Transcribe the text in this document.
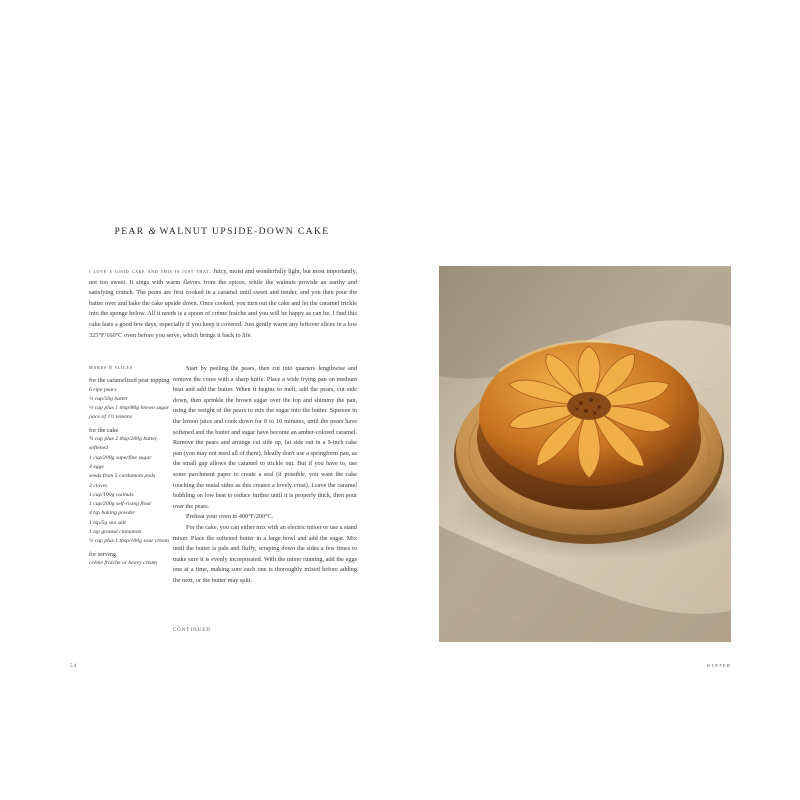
PEAR & WALNUT UPSIDE-DOWN CAKE
i love a good cake and this is just that. Juicy, moist and wonderfully light, but most importantly, not too sweet. It sings with warm flavors from the spices, while the walnuts provide an earthy and satisfying crunch. The pears are first cooked in a caramel until sweet and tender, and you then pour the batter over and bake the cake upside down. Once cooked, you turn out the cake and let the caramel trickle into the sponge below. All it needs is a spoon of crème fraîche and you will be happy as can be. I find this cake lasts a good few days, especially if you keep it covered. Just gently warm any leftover slices in a low 325°F/160°C oven before you serve, which brings it back to life.
makes 8 slices
for the caramelized pear topping
6 ripe pears
¼ cup/50g butter
⅓ cup plus 1 tbsp/80g brown sugar
juice of 1½ lemons
for the cake
¾ cup plus 2 tbsp/200g butter, softened
1 cup/200g superfine sugar
4 eggs
seeds from 5 cardamom pods
3 cloves
1 cup/100g walnuts
1 cup/200g self-rising flour
4 tsp baking powder
1 tsp/5g sea salt
1 tsp ground cinnamon
⅓ cup plus 1 tbsp/100g sour cream
for serving
crème fraîche or heavy cream

Start by peeling the pears, then cut into quarters lengthwise and remove the cores with a sharp knife. Place a wide frying pan on medium heat and add the butter. When it begins to melt, add the pears, cut side down, then sprinkle the brown sugar over the top and shimmy the pan, using the weight of the pears to mix the sugar into the butter. Squeeze in the lemon juice and cook down for 8 to 10 minutes, until the pears have softened and the butter and sugar have become an amber-colored caramel. Remove the pears and arrange cut side up, fat side out in a 9-inch cake pan (you may not need all of them). Ideally don't use a springform pan, as the small gap allows the caramel to trickle out. But if you have to, use some parchment paper to create a seal (if possible, you want the cake touching the metal sides as this creates a lovely crust). Leave the caramel bubbling on low heat to reduce further until it is properly thick, then pour over the pears.

Preheat your oven to 400°F/200°C.

For the cake, you can either mix with an electric mixer or use a stand mixer. Place the softened butter in a large bowl and add the sugar. Mix until the butter is pale and fluffy, scraping down the sides a few times to make sure it is evenly incorporated. With the mixer running, add the eggs one at a time, making sure each one is thoroughly mixed before adding the next, or the butter may split.

CONTINUED
54	WINTER
